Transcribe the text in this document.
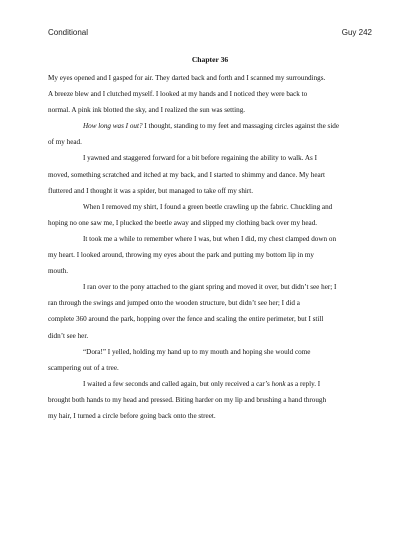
Conditional	Guy 242
Chapter 36

My eyes opened and I gasped for air. They darted back and forth and I scanned my surroundings.
A breeze blew and I clutched myself. I looked at my hands and I noticed they were back to
normal. A pink ink blotted the sky, and I realized the sun was setting.

How long was I out? I thought, standing to my feet and massaging circles against the side
of my head.

I yawned and staggered forward for a bit before regaining the ability to walk. As I
moved, something scratched and itched at my back, and I started to shimmy and dance. My heart
fluttered and I thought it was a spider, but managed to take off my shirt.

When I removed my shirt, I found a green beetle crawling up the fabric. Chuckling and
hoping no one saw me, I plucked the beetle away and slipped my clothing back over my head.

It took me a while to remember where I was, but when I did, my chest clamped down on
my heart. I looked around, throwing my eyes about the park and putting my bottom lip in my
mouth.

I ran over to the pony attached to the giant spring and moved it over, but didn’t see her; I
ran through the swings and jumped onto the wooden structure, but didn’t see her; I did a
complete 360 around the park, hopping over the fence and scaling the entire perimeter, but I still
didn’t see her.

“Dora!” I yelled, holding my hand up to my mouth and hoping she would come
scampering out of a tree.

I waited a few seconds and called again, but only received a car’s honk as a reply. I
brought both hands to my head and pressed. Biting harder on my lip and brushing a hand through
my hair, I turned a circle before going back onto the street.
